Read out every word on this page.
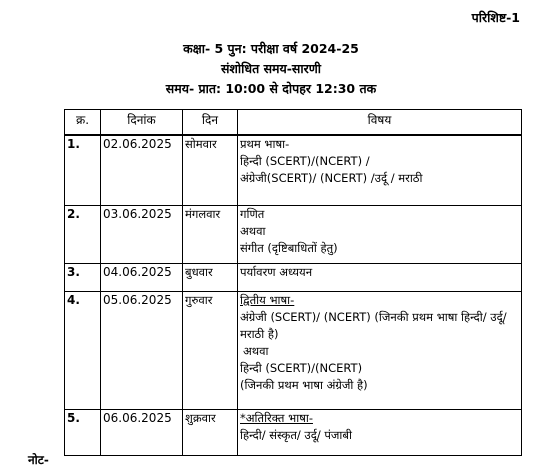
परिशिष्ट-1
कक्षा- 5 पुन: परीक्षा वर्ष 2024-25
संशोधित समय-सारणी
समय- प्रात: 10:00 से दोपहर 12:30 तक
क्र.	दिनांक	दिन	विषय
1.	02.06.2025	सोमवार	प्रथम भाषा-
हिन्दी (SCERT)/(NCERT) /
अंग्रेजी(SCERT)/ (NCERT) /उर्दू / मराठी

2.	03.06.2025	मंगलवार	गणित
अथवा
संगीत (दृष्टिबाधितों हेतु)

3.	04.06.2025	बुधवार	पर्यावरण अध्ययन

4.	05.06.2025	गुरुवार	द्वितीय भाषा-
अंग्रेजी (SCERT)/ (NCERT) (जिनकी प्रथम भाषा हिन्दी/ उर्दू/ मराठी है)
अथवा
हिन्दी (SCERT)/(NCERT)
(जिनकी प्रथम भाषा अंग्रेजी है)

5.	06.06.2025	शुक्रवार	*अतिरिक्त भाषा-
हिन्दी/ संस्कृत/ उर्दू/ पंजाबी
नोट-
